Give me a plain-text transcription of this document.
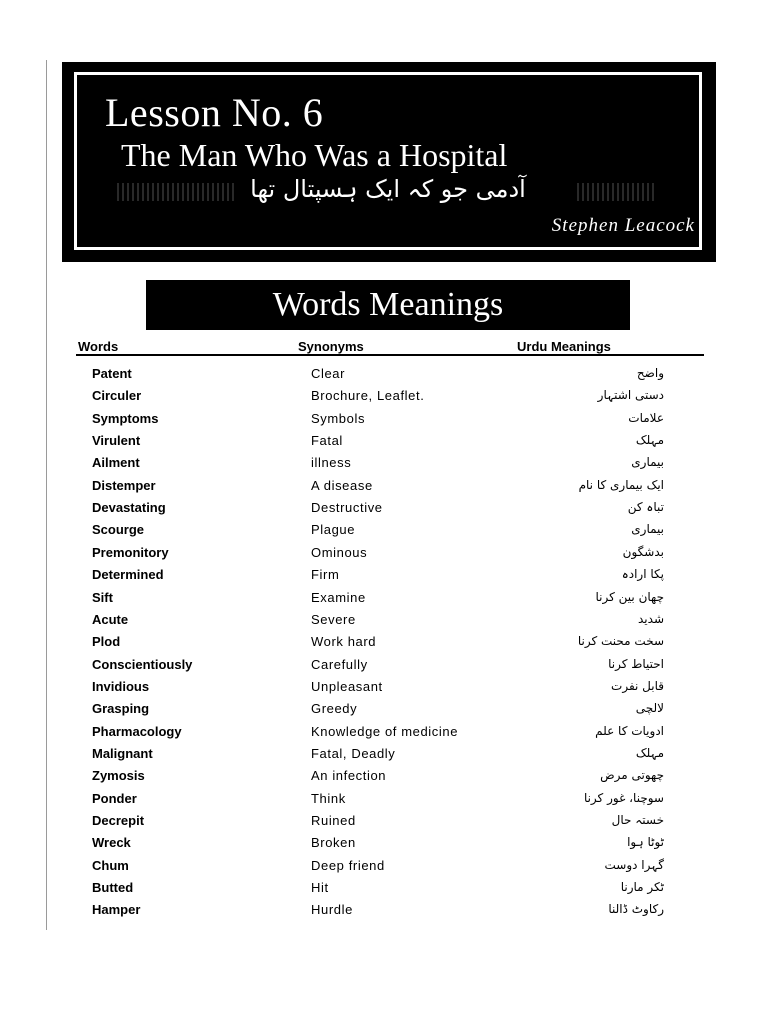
Lesson No. 6
The Man Who Was a Hospital
آدمی جو کہ ایک ہسپتال تھا
Stephen Leacock
Words Meanings
Words	Synonyms	Urdu Meanings
Patent	Clear	واضح
Circuler	Brochure, Leaflet.	دستی اشتہار
Symptoms	Symbols	علامات
Virulent	Fatal	مہلک
Ailment	illness	بیماری
Distemper	A disease	ایک بیماری کا نام
Devastating	Destructive	تباہ کن
Scourge	Plague	بیماری
Premonitory	Ominous	بدشگون
Determined	Firm	پکا ارادہ
Sift	Examine	چھان بین کرنا
Acute	Severe	شدید
Plod	Work hard	سخت محنت کرنا
Conscientiously	Carefully	احتیاط کرنا
Invidious	Unpleasant	قابل نفرت
Grasping	Greedy	لالچی
Pharmacology	Knowledge of medicine	ادویات کا علم
Malignant	Fatal, Deadly	مہلک
Zymosis	An infection	چھوتی مرض
Ponder	Think	سوچنا، غور کرنا
Decrepit	Ruined	خستہ حال
Wreck	Broken	ٹوٹا ہوا
Chum	Deep friend	گہرا دوست
Butted	Hit	ٹکر مارنا
Hamper	Hurdle	رکاوٹ ڈالنا
